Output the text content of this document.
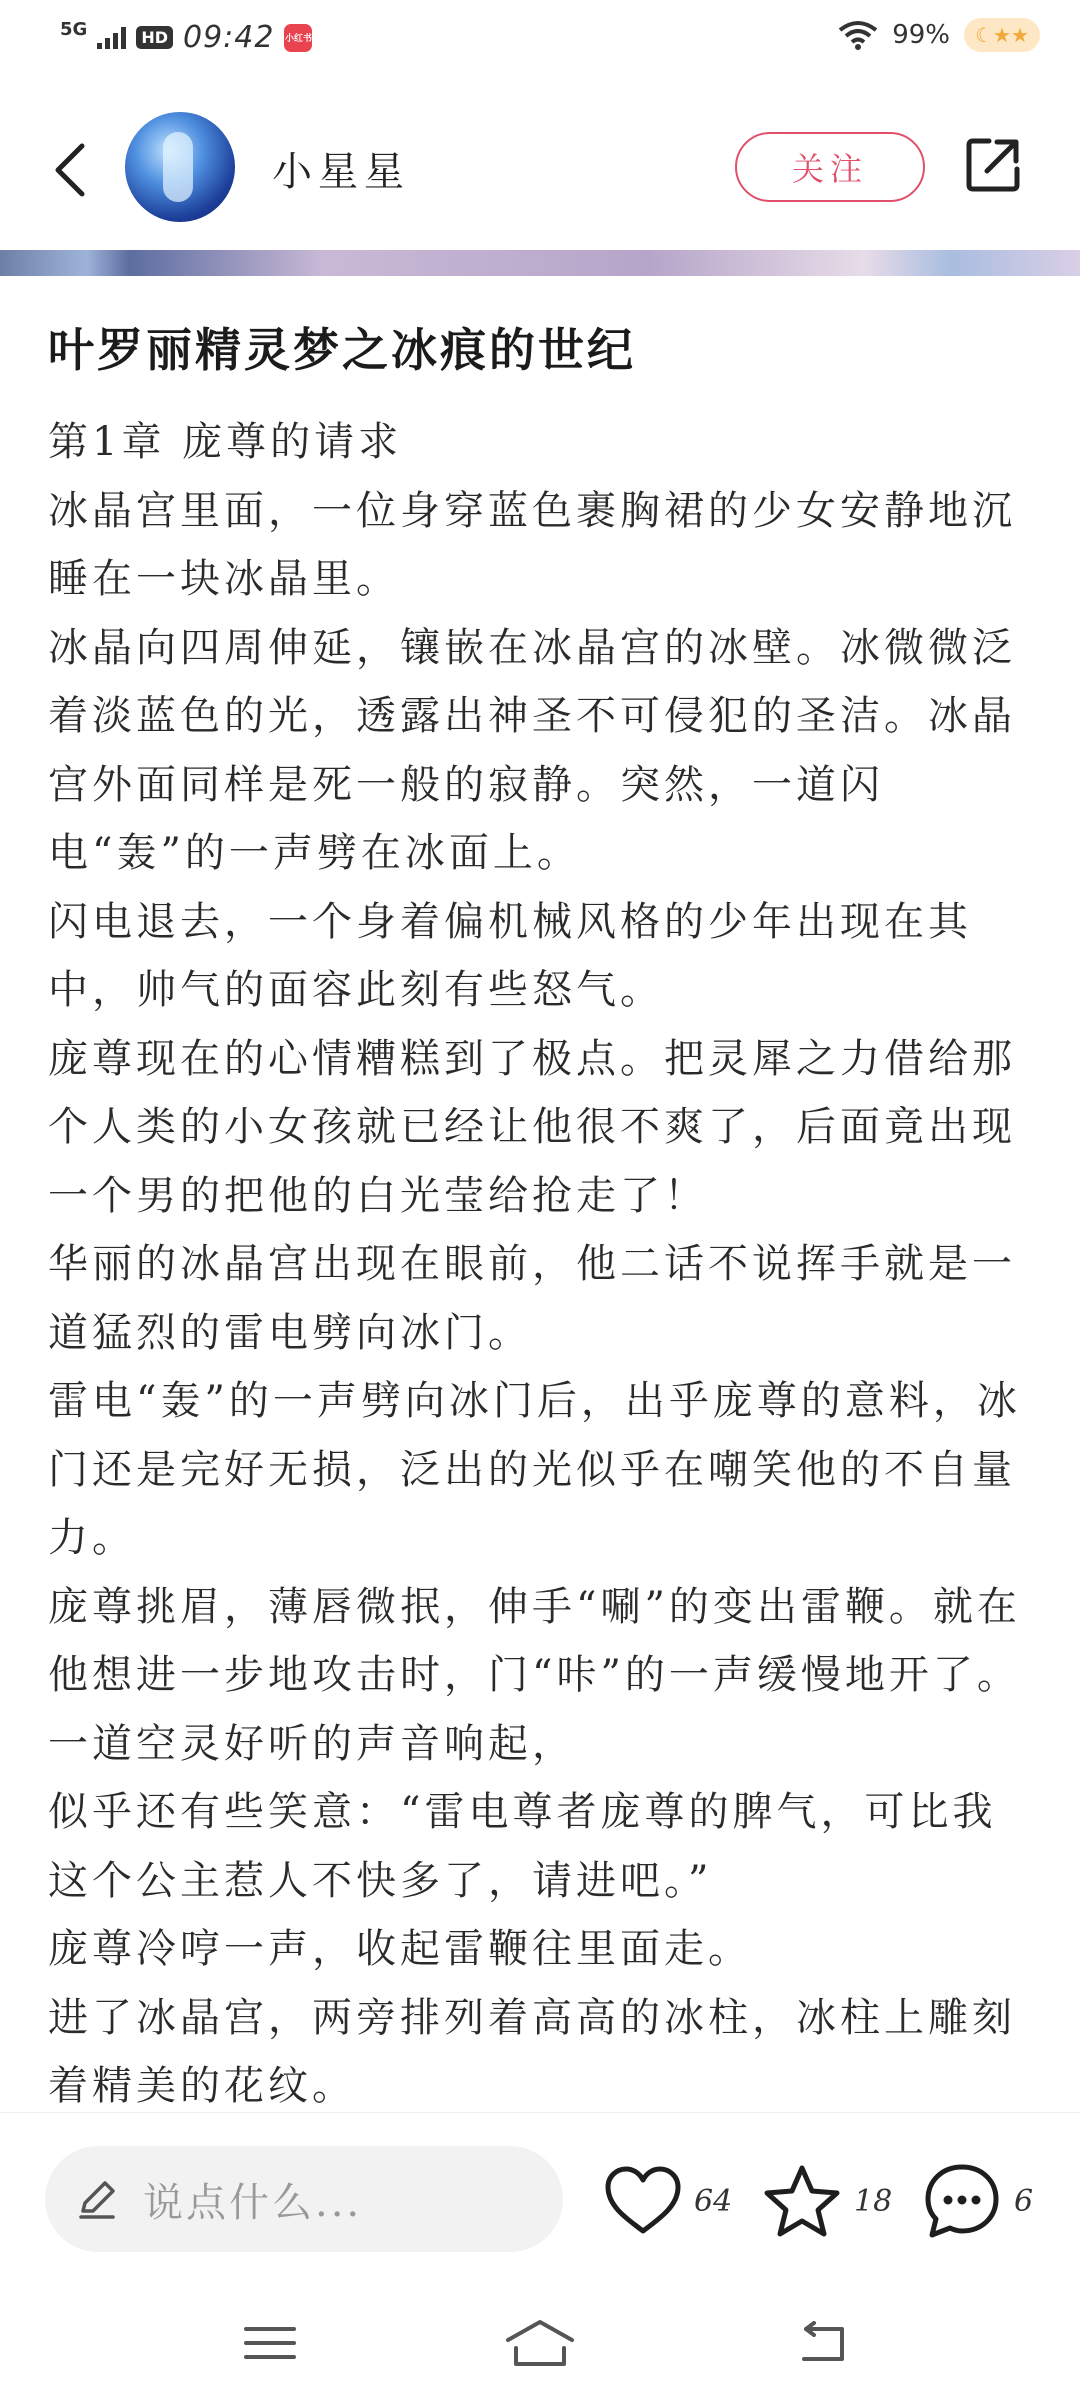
5G	HD 09:42 小红书	99%	☾★★
小星星	关注
叶罗丽精灵梦之冰痕的世纪

第1章 庞尊的请求

冰晶宫里面，一位身穿蓝色裹胸裙的少女安静地沉睡在一块冰晶里。

冰晶向四周伸延，镶嵌在冰晶宫的冰壁。冰微微泛着淡蓝色的光，透露出神圣不可侵犯的圣洁。冰晶宫外面同样是死一般的寂静。突然，一道闪电“轰”的一声劈在冰面上。

闪电退去，一个身着偏机械风格的少年出现在其中，帅气的面容此刻有些怒气。

庞尊现在的心情糟糕到了极点。把灵犀之力借给那个人类的小女孩就已经让他很不爽了，后面竟出现一个男的把他的白光莹给抢走了！

华丽的冰晶宫出现在眼前，他二话不说挥手就是一道猛烈的雷电劈向冰门。

雷电“轰”的一声劈向冰门后，出乎庞尊的意料，冰门还是完好无损，泛出的光似乎在嘲笑他的不自量力。

庞尊挑眉，薄唇微抿，伸手“唰”的变出雷鞭。就在他想进一步地攻击时，门“咔”的一声缓慢地开了。

一道空灵好听的声音响起，

似乎还有些笑意：“雷电尊者庞尊的脾气，可比我这个公主惹人不快多了，请进吧。”

庞尊冷哼一声，收起雷鞭往里面走。

进了冰晶宫，两旁排列着高高的冰柱，冰柱上雕刻着精美的花纹。

说点什么...	64	18	6
